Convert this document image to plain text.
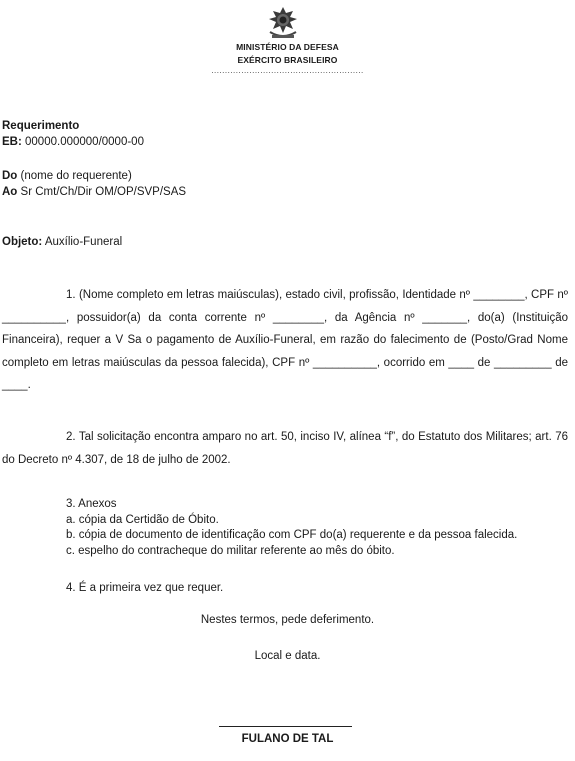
MINISTÉRIO DA DEFESA
EXÉRCITO BRASILEIRO
........................................................
Requerimento
EB: 00000.000000/0000-00
Do (nome do requerente)
Ao Sr Cmt/Ch/Dir OM/OP/SVP/SAS
Objeto: Auxílio-Funeral
1. (Nome completo em letras maiúsculas), estado civil, profissão, Identidade nº ________, CPF nº __________, possuidor(a) da conta corrente nº ________, da Agência nº _______, do(a) (Instituição Financeira), requer a V Sa o pagamento de Auxílio-Funeral, em razão do falecimento de (Posto/Grad Nome completo em letras maiúsculas da pessoa falecida), CPF nº __________, ocorrido em ____ de _________ de ____.
2. Tal solicitação encontra amparo no art. 50, inciso IV, alínea “f”, do Estatuto dos Militares; art. 76 do Decreto nº 4.307, de 18 de julho de 2002.
3. Anexos
a. cópia da Certidão de Óbito.
b. cópia de documento de identificação com CPF do(a) requerente e da pessoa falecida.
c. espelho do contracheque do militar referente ao mês do óbito.
4. É a primeira vez que requer.
Nestes termos, pede deferimento.
Local e data.
FULANO DE TAL
